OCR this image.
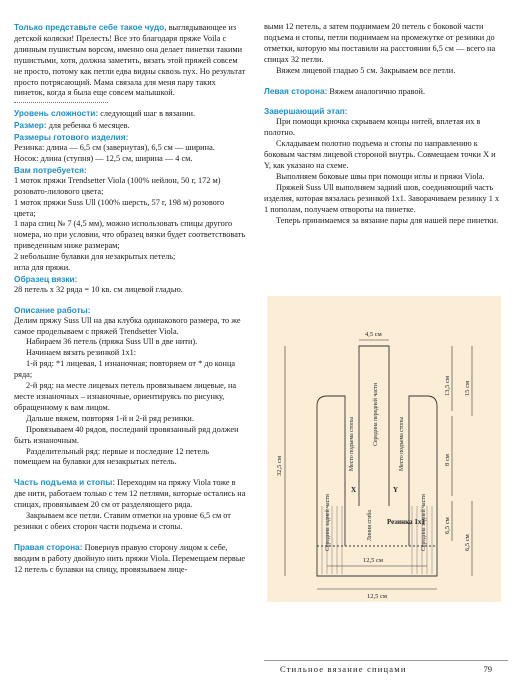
Только представьте себе такое чудо, выглядывающее из детской коляски! Прелесть! Все это благодаря пряже Voila с длинным пушистым ворсом, именно она делает пинетки такими пушистыми, хотя, должна заметить, вязать этой пряжей совсем не просто, потому как петли едва видны сквозь пух. Но результат просто потрясающий. Мама связала для меня пару таких пинеток, когда я была еще совсем малышкой.

Уровень сложности: следующий шаг в вязании.

Размер: для ребенка 6 месяцев.

Размеры готового изделия:

Резинка: длина — 6,5 см (завернутая), 6,5 см — ширина.

Носок: длина (ступня) — 12,5 см, ширина — 4 см.

Вам потребуется:

1 моток пряжи Trendsetter Viola (100% нейлон, 50 г, 172 м) розовато-лилового цвета;

1 моток пряжи Suss Ull (100% шерсть, 57 г, 198 м) розового цвета;

1 пара спиц № 7 (4,5 мм), можно использовать спицы другого номера, но при условии, что образец вязки будет соответствовать приведенным ниже размерам;

2 небольшие булавки для незакрытых петель;

игла для пряжи.

Образец вязки:

28 петель х 32 ряда = 10 кв. см лицевой гладью.

Описание работы:

Делим пряжу Suss Ull на два клубка одинакового размера, то же самое проделываем с пряжей Trendsetter Viola.

Набираем 36 петель (пряжа Suss Ull в две нити).

Начинаем вязать резинкой 1х1:

1-й ряд: *1 лицевая, 1 изнаночная; повторяем от * до конца ряда;

2-й ряд: на месте лицевых петель провязываем лицевые, на месте изнаночных – изнаночные, ориентируясь по рисунку, обращенному к вам лицом.

Дальше вяжем, повторяя 1-й и 2-й ряд резинки.

Провязываем 40 рядов, последний провязанный ряд должен быть изнаночным.

Разделительный ряд: первые и последние 12 петель помещаем на булавки для незакрытых петель.

Часть подъема и стопы: Переходим на пряжу Viola тоже в две нити, работаем только с тем 12 петлями, которые остались на спицах, провязываем 20 см от разделяющего ряда.

Закрываем все петли. Ставим отметки на уровне 6,5 см от резинки с обеих сторон части подъема и стопы.

Правая сторона: Повернув правую сторону лицом к себе, вводим в работу двойную нить пряжи Viola. Перемещаем первые 12 петель с булавки на спицу, провязываем лице-

выми 12 петель, а затем поднимаем 20 петель с боковой части подъема и стопы, петли поднимаем на промежутке от резинки до отметки, которую мы поставили на расстоянии 6,5 см — всего на спицах 32 петли.

Вяжем лицевой гладью 5 см. Закрываем все петли.

Левая сторона: Вяжем аналогично правой.

Завершающий этап:

При помощи крючка скрываем концы нитей, вплетая их в полотно.

Складываем полотно подъема и стопы по направлению к боковым частям лицевой стороной внутрь. Совмещаем точки X и Y, как указано на схеме.

Выполняем боковые швы при помощи иглы и пряжи Viola.

Пряжей Suss Ull выполняем задний шов, соединяющий часть изделия, которая вязалась резинкой 1х1. Заворачиваем резинку 1 х 1 пополам, получаем отвороты на пинетке.

Теперь принимаемся за вязание пары для нашей пере пинетки.

4,5 см
32,5 см
13,5 см 15 см
8 см
6,5 см
6,5 см
12,5 см
12,5 см
Середина задней части	Середина задней части
Середина передней части
Место подъема стопы	Место подъема стопы
Линия сгиба Резинка 1х1
X	Y
Стильное вязание спицами	79
